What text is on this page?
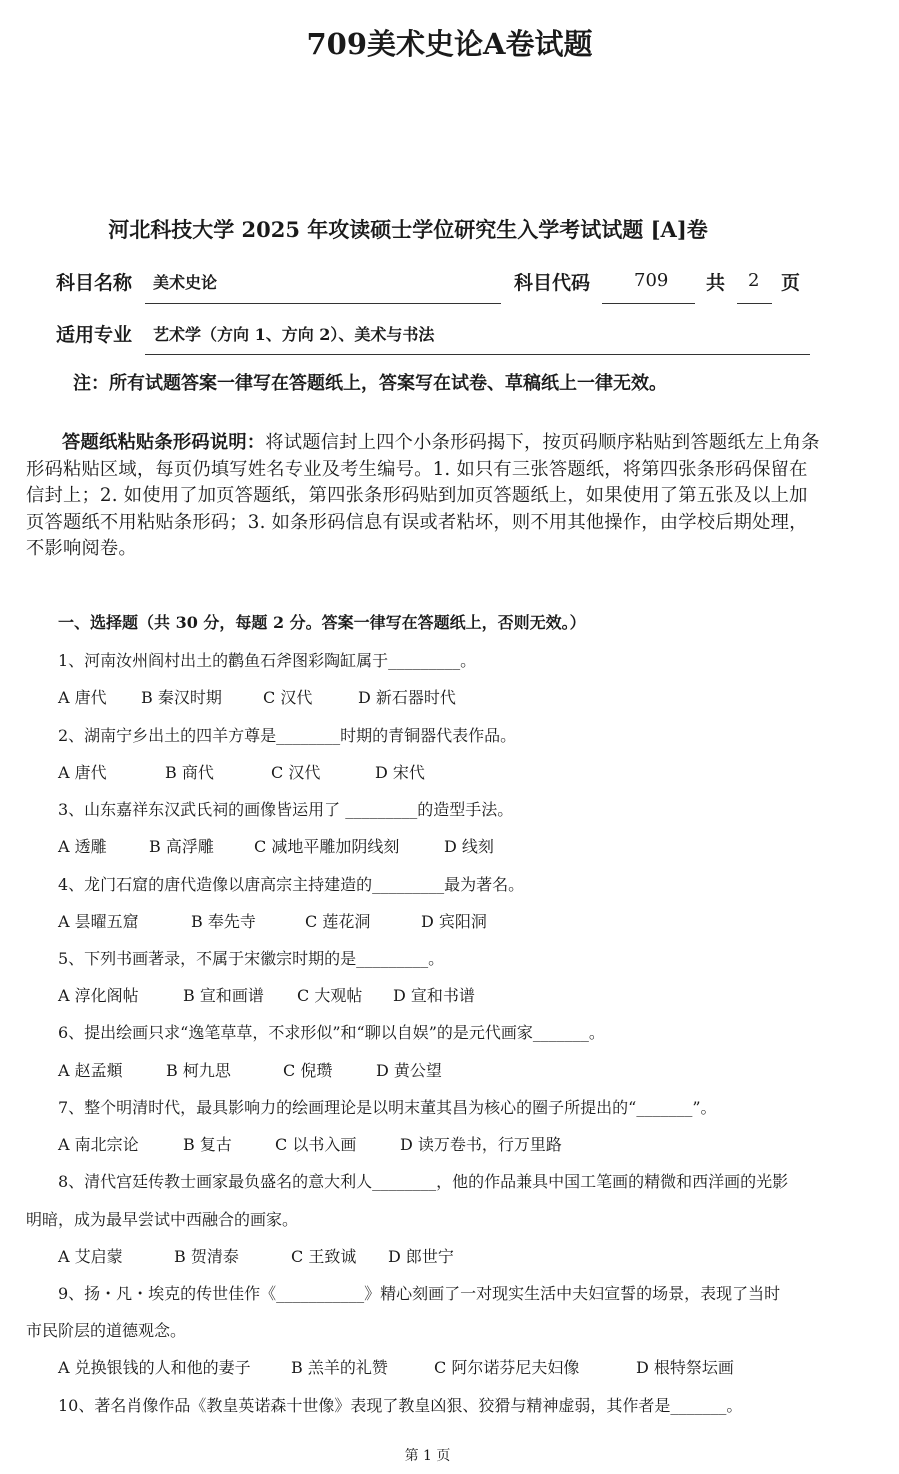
709美术史论A卷试题
河北科技大学 2025 年攻读硕士学位研究生入学考试试题 [A]卷
科目名称 美术史论	科目代码 709 共 2 页
适用专业 艺术学（方向 1、方向 2）、美术与书法
注：所有试题答案一律写在答题纸上，答案写在试卷、草稿纸上一律无效。
答题纸粘贴条形码说明：将试题信封上四个小条形码揭下，按页码顺序粘贴到答题纸左上角条形码粘贴区域，每页仍填写姓名专业及考生编号。1. 如只有三张答题纸，将第四张条形码保留在信封上；2. 如使用了加页答题纸，第四张条形码贴到加页答题纸上，如果使用了第五张及以上加页答题纸不用粘贴条形码；3. 如条形码信息有误或者粘坏，则不用其他操作，由学校后期处理，不影响阅卷。
一、选择题（共 30 分，每题 2 分。答案一律写在答题纸上，否则无效。）
1、河南汝州阎村出土的鹳鱼石斧图彩陶缸属于_________。
A 唐代 B 秦汉时期	C 汉代	D 新石器时代
2、湖南宁乡出土的四羊方尊是________时期的青铜器代表作品。
A 唐代	B 商代	C 汉代	D 宋代
3、山东嘉祥东汉武氏祠的画像皆运用了 _________的造型手法。
A 透雕	B 高浮雕	C 减地平雕加阴线刻	D 线刻
4、龙门石窟的唐代造像以唐高宗主持建造的_________最为著名。
A 昙曜五窟	B 奉先寺	C 莲花洞	D 宾阳洞
5、下列书画著录，不属于宋徽宗时期的是_________。
A 淳化阁帖	B 宣和画谱 C 大观帖 D 宣和书谱
6、提出绘画只求“逸笔草草，不求形似”和“聊以自娱”的是元代画家_______。
A 赵孟頫	B 柯九思	C 倪瓒	D 黄公望
7、整个明清时代，最具影响力的绘画理论是以明末董其昌为核心的圈子所提出的“_______”。
A 南北宗论	B 复古	C 以书入画	D 读万卷书，行万里路
8、清代宫廷传教士画家最负盛名的意大利人________，他的作品兼具中国工笔画的精微和西洋画的光影
明暗，成为最早尝试中西融合的画家。
A 艾启蒙	B 贺清泰	C 王致诚 D 郎世宁
9、扬・凡・埃克的传世佳作《___________》精心刻画了一对现实生活中夫妇宣誓的场景，表现了当时
市民阶层的道德观念。
A 兑换银钱的人和他的妻子	B 羔羊的礼赞	C 阿尔诺芬尼夫妇像	D 根特祭坛画
10、著名肖像作品《教皇英诺森十世像》表现了教皇凶狠、狡猾与精神虚弱，其作者是_______。
第 1 页
